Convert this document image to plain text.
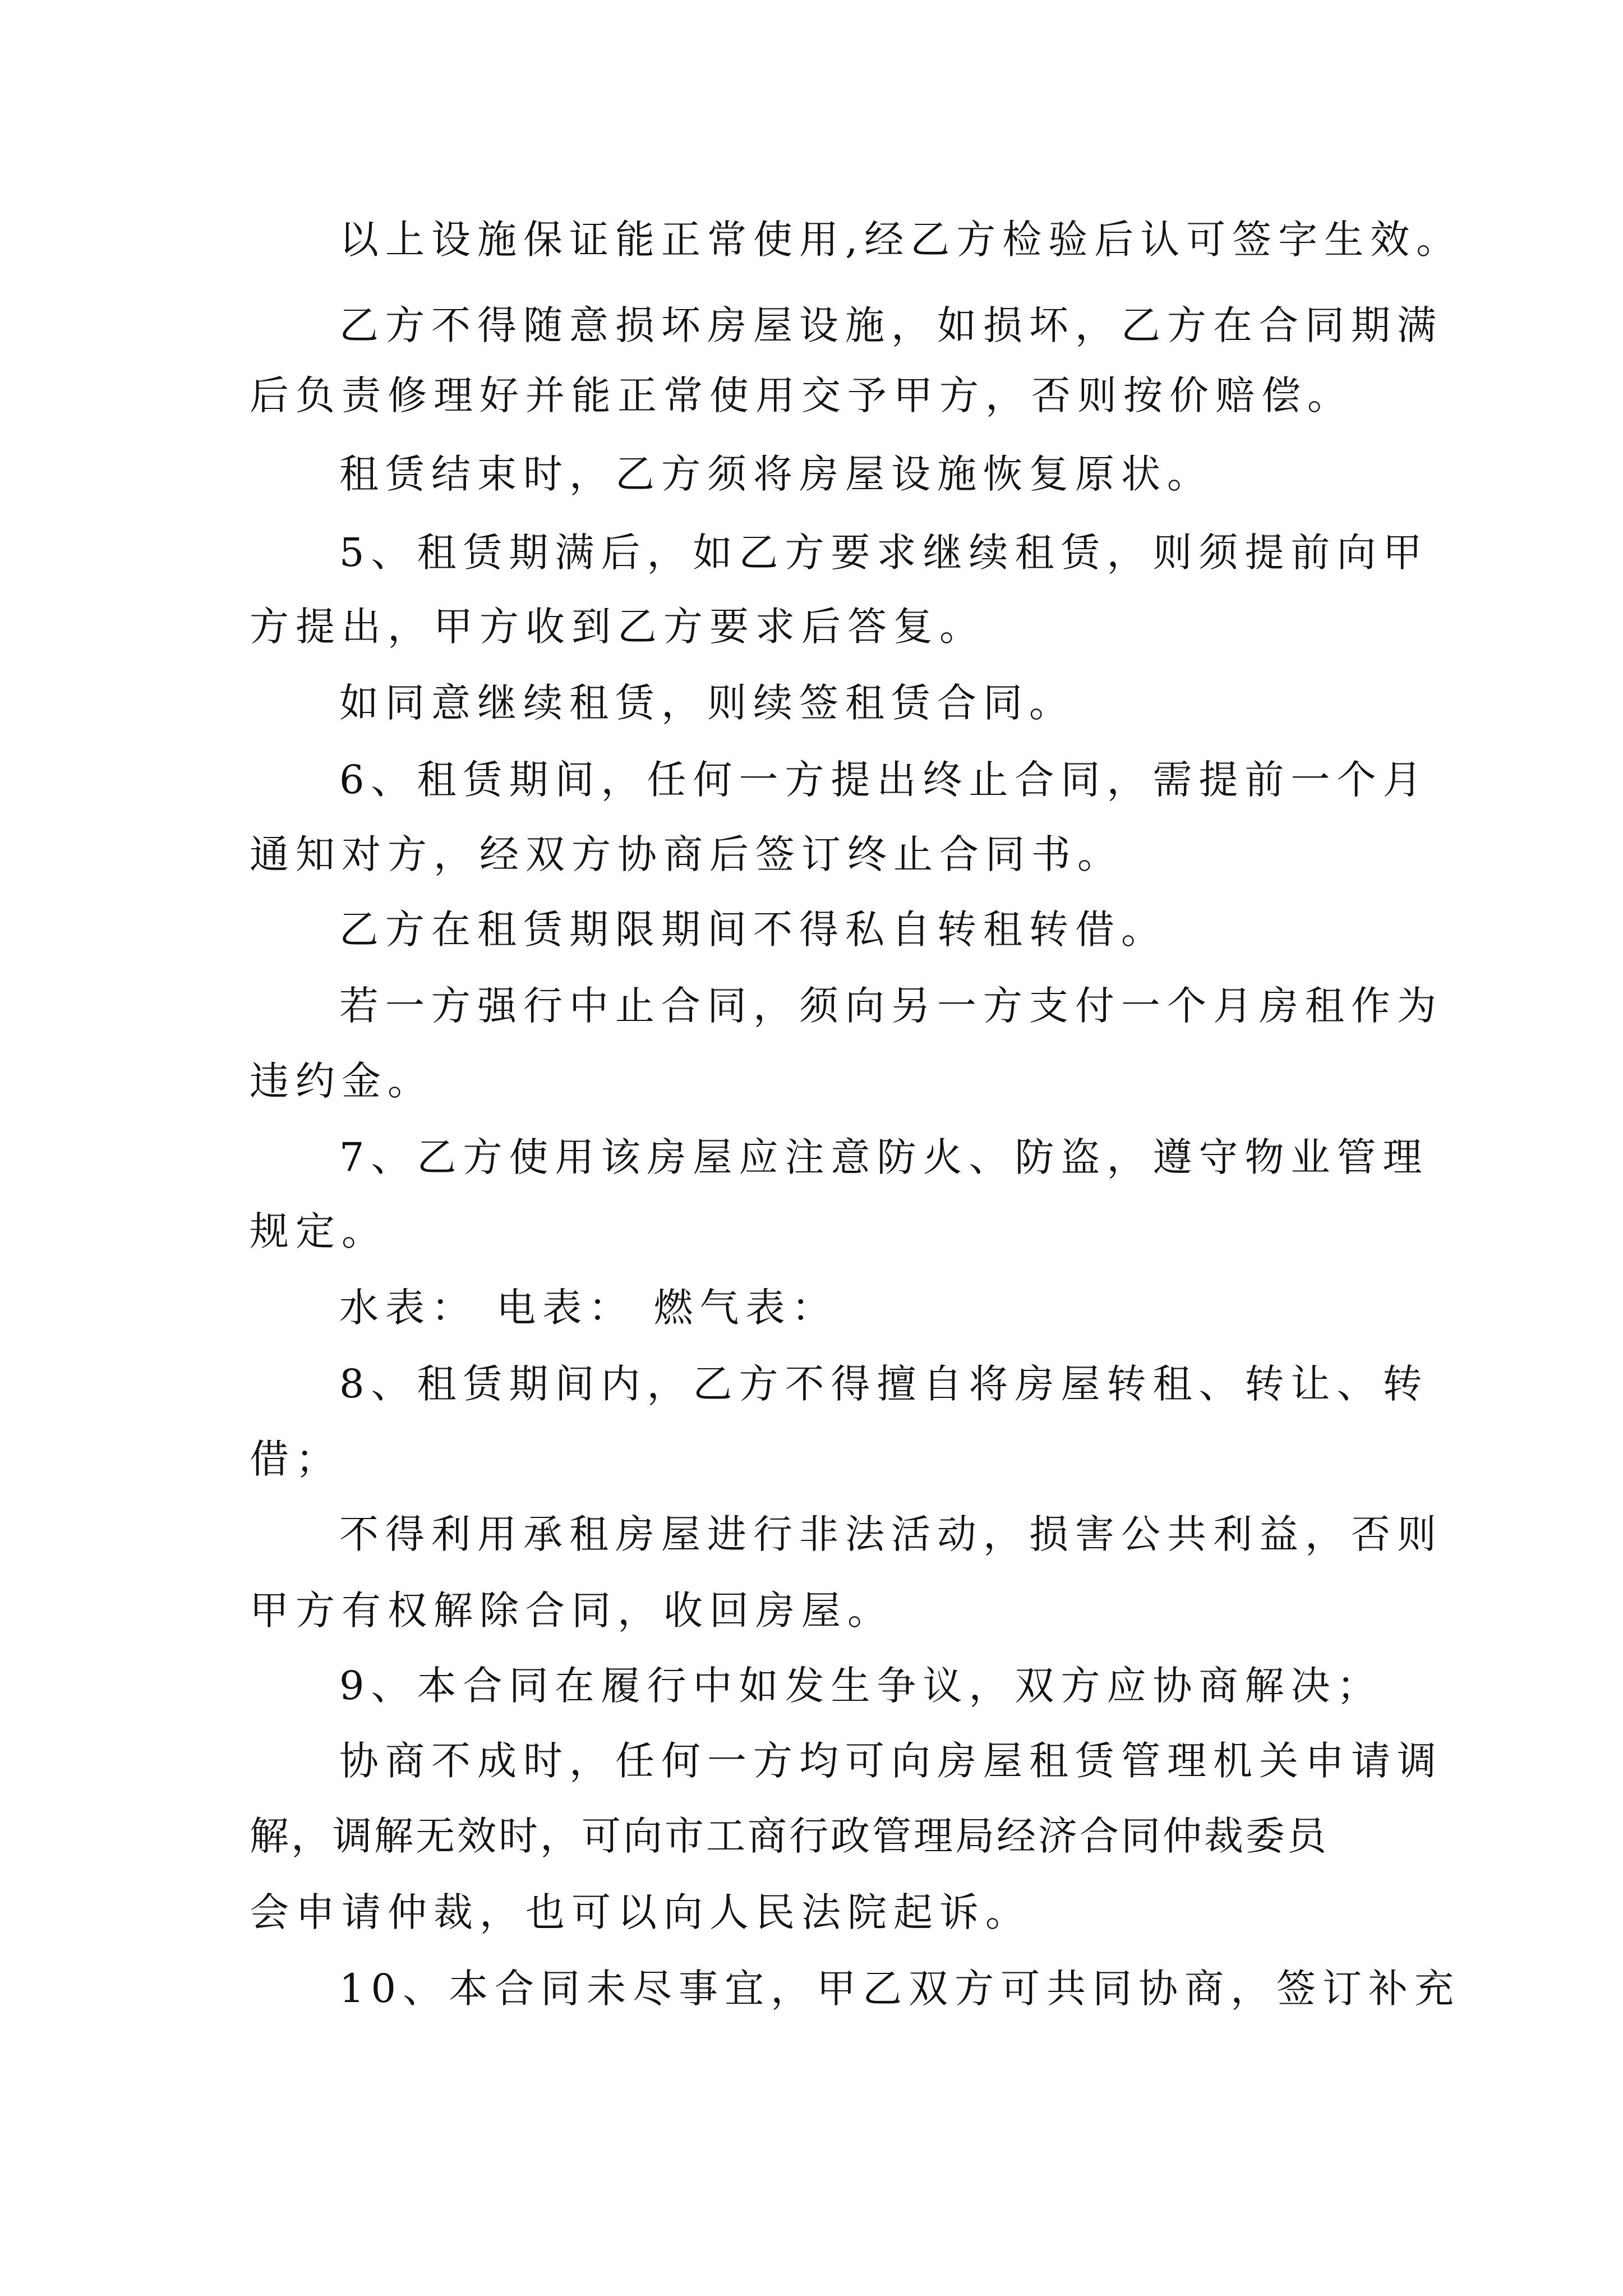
以上设施保证能正常使用,经乙方检验后认可签字生效。
乙方不得随意损坏房屋设施，如损坏，乙方在合同期满
后负责修理好并能正常使用交予甲方，否则按价赔偿。
租赁结束时，乙方须将房屋设施恢复原状。
5、租赁期满后，如乙方要求继续租赁，则须提前向甲
方提出，甲方收到乙方要求后答复。
如同意继续租赁，则续签租赁合同。
6、租赁期间，任何一方提出终止合同，需提前一个月
通知对方，经双方协商后签订终止合同书。
乙方在租赁期限期间不得私自转租转借。
若一方强行中止合同，须向另一方支付一个月房租作为
违约金。
7、乙方使用该房屋应注意防火、防盗，遵守物业管理
规定。
水表： 电表： 燃气表：
8、租赁期间内，乙方不得擅自将房屋转租、转让、转
借；
不得利用承租房屋进行非法活动，损害公共利益，否则
甲方有权解除合同，收回房屋。
9、本合同在履行中如发生争议，双方应协商解决；
协商不成时，任何一方均可向房屋租赁管理机关申请调
解，调解无效时，可向市工商行政管理局经济合同仲裁委员
会申请仲裁，也可以向人民法院起诉。
10、本合同未尽事宜，甲乙双方可共同协商，签订补充
